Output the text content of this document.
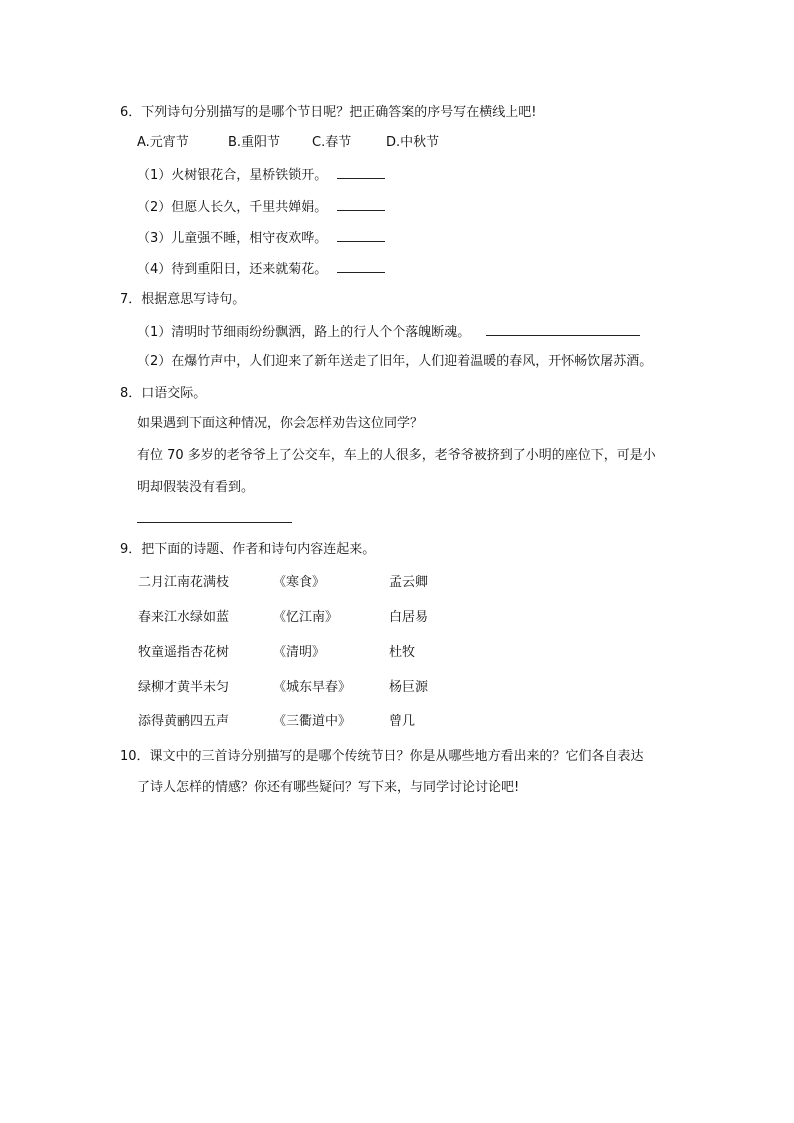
6．下列诗句分别描写的是哪个节日呢？把正确答案的序号写在横线上吧!
A.元宵节	B.重阳节 C.春节	D.中秋节
（1）火树银花合，星桥铁锁开。
（2）但愿人长久，千里共婵娟。
（3）儿童强不睡，相守夜欢哗。
（4）待到重阳日，还来就菊花。
7．根据意思写诗句。
（1）清明时节细雨纷纷飘洒，路上的行人个个落魄断魂。
（2）在爆竹声中，人们迎来了新年送走了旧年，人们迎着温暖的春风，开怀畅饮屠苏酒。
8．口语交际。
如果遇到下面这种情况，你会怎样劝告这位同学？
有位 70 多岁的老爷爷上了公交车，车上的人很多，老爷爷被挤到了小明的座位下，可是小
明却假装没有看到。
9．把下面的诗题、作者和诗句内容连起来。
二月江南花满枝	《寒食》	孟云卿
春来江水绿如蓝	《忆江南》	白居易
牧童遥指杏花树	《清明》	杜牧
绿柳才黄半未匀	《城东早春》	杨巨源
添得黄鹂四五声	《三衢道中》	曾几
10．课文中的三首诗分别描写的是哪个传统节日？你是从哪些地方看出来的？它们各自表达
了诗人怎样的情感？你还有哪些疑问？写下来，与同学讨论讨论吧!
